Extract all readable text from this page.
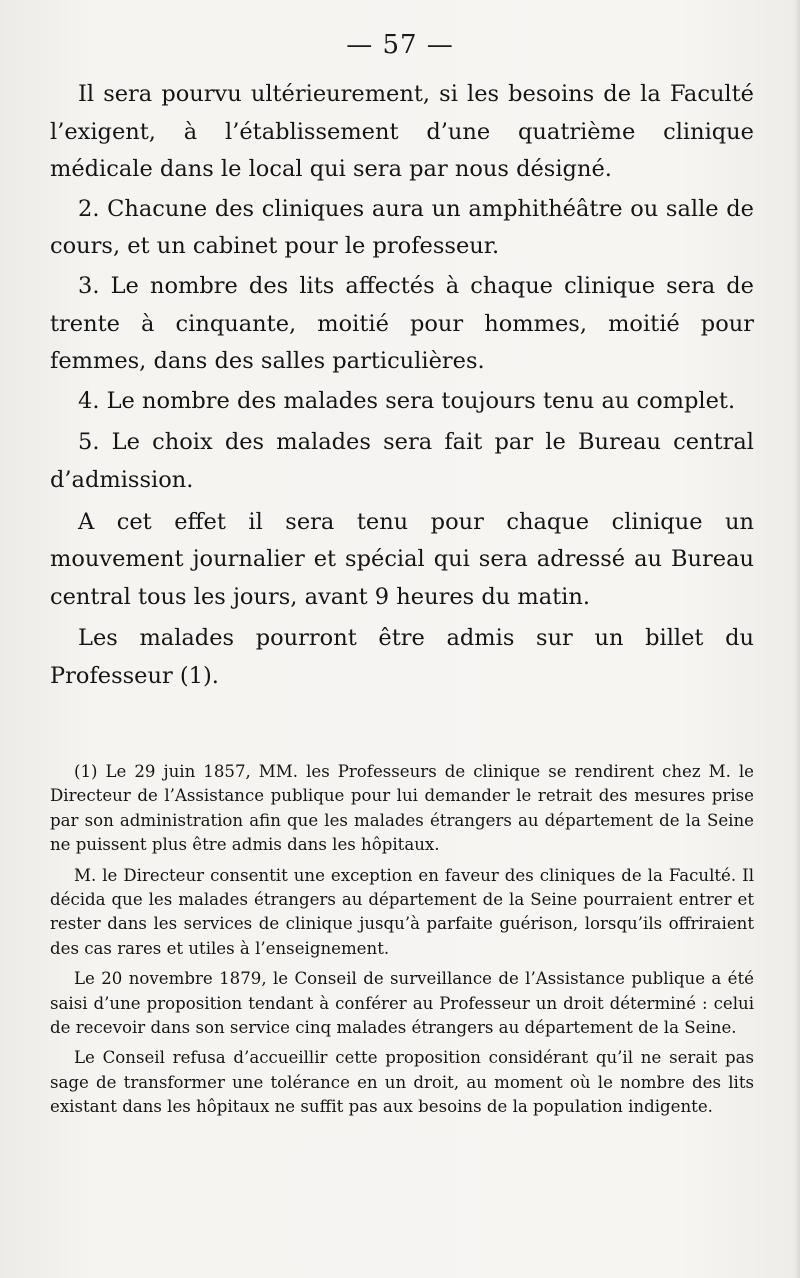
— 57 —

Il sera pourvu ultérieurement, si les besoins de la Faculté l’exigent, à l’établissement d’une quatrième clinique médicale dans le local qui sera par nous désigné.

2. Chacune des cliniques aura un amphithéâtre ou salle de cours, et un cabinet pour le professeur.

3. Le nombre des lits affectés à chaque clinique sera de trente à cinquante, moitié pour hommes, moitié pour femmes, dans des salles particulières.

4. Le nombre des malades sera toujours tenu au complet.

5. Le choix des malades sera fait par le Bureau central d’admission.

A cet effet il sera tenu pour chaque clinique un mouvement journalier et spécial qui sera adressé au Bureau central tous les jours, avant 9 heures du matin.

Les malades pourront être admis sur un billet du Professeur (1).

(1) Le 29 juin 1857, MM. les Professeurs de clinique se rendirent chez M. le Directeur de l’Assistance publique pour lui demander le retrait des mesures prise par son administration afin que les malades étrangers au département de la Seine ne puissent plus être admis dans les hôpitaux.

M. le Directeur consentit une exception en faveur des cliniques de la Faculté. Il décida que les malades étrangers au département de la Seine pourraient entrer et rester dans les services de clinique jusqu’à parfaite guérison, lorsqu’ils offriraient des cas rares et utiles à l’enseignement.

Le 20 novembre 1879, le Conseil de surveillance de l’Assistance publique a été saisi d’une proposition tendant à conférer au Professeur un droit déterminé : celui de recevoir dans son service cinq malades étrangers au département de la Seine.

Le Conseil refusa d’accueillir cette proposition considérant qu’il ne serait pas sage de transformer une tolérance en un droit, au moment où le nombre des lits existant dans les hôpitaux ne suffit pas aux besoins de la population indigente.
